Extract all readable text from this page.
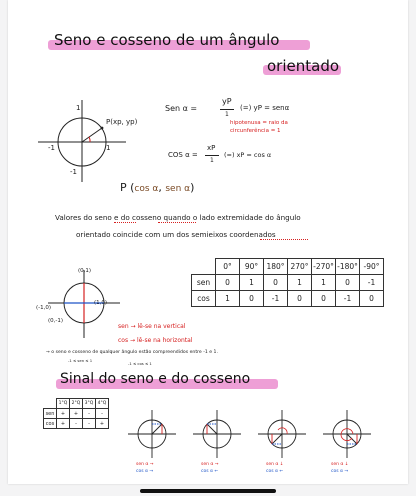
Seno e cosseno de um ângulo
orientado
1
-1	1
-1
P(xp, yp)
Sen α =
yP
1
(=) yP = senα
hipotenusa = raio da circunferência = 1
COS α =
xP
1
(=) xP = cos α
P (cos α, sen α)
Valores do seno e do cosseno quando o lado extremidade do ângulo
orientado coincide com um dos semieixos coordenados
(0,1)
(-1,0)
(1,0)
(0,-1)
	0°	90°	180°	270°	-270°	-180°	-90°
sen	0	1	0	1	1	0	-1
cos	1	0	-1	0	0	-1	0
sen → lê-se na vertical
cos → lê-se na horizontal
→ o seno e cosseno de qualquer ângulo estão compreendidos entre -1 e 1.
-1 ≤ sen ≤ 1
-1 ≤ cos ≤ 1
Sinal do seno e do cosseno
	1°Q	2°Q	3°Q	4°Q
sen	+	+	-	-
cos	+	-	-	+
sen α →
cos α →
sen α →
cos α ←
sen α ↓
cos α ←
sen α ↓
cos α →
